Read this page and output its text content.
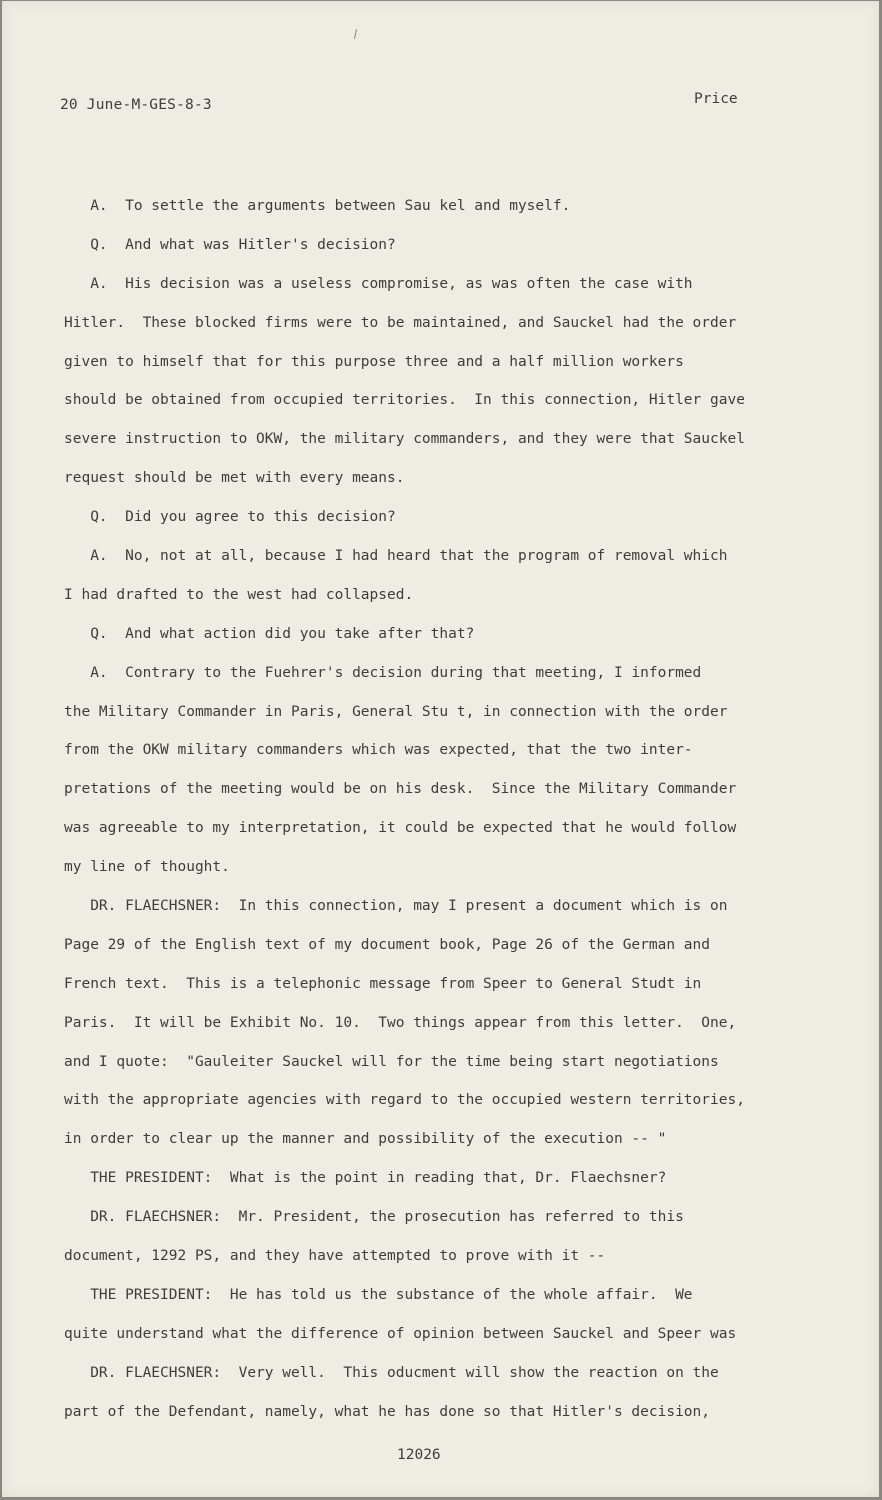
20 June-M-GES-8-3	Price
A.  To settle the arguments between Sau kel and myself.
Q.  And what was Hitler's decision?
A.  His decision was a useless compromise, as was often the case with
Hitler.  These blocked firms were to be maintained, and Sauckel had the order
given to himself that for this purpose three and a half million workers
should be obtained from occupied territories.  In this connection, Hitler gave
severe instruction to OKW, the military commanders, and they were that Sauckel
request should be met with every means.
Q.  Did you agree to this decision?
A.  No, not at all, because I had heard that the program of removal which
I had drafted to the west had collapsed.
Q.  And what action did you take after that?
A.  Contrary to the Fuehrer's decision during that meeting, I informed
the Military Commander in Paris, General Stu t, in connection with the order
from the OKW military commanders which was expected, that the two inter-
pretations of the meeting would be on his desk.  Since the Military Commander
was agreeable to my interpretation, it could be expected that he would follow
my line of thought.
DR. FLAECHSNER:  In this connection, may I present a document which is on
Page 29 of the English text of my document book, Page 26 of the German and
French text.  This is a telephonic message from Speer to General Studt in
Paris.  It will be Exhibit No. 10.  Two things appear from this letter.  One,
and I quote:  "Gauleiter Sauckel will for the time being start negotiations
with the appropriate agencies with regard to the occupied western territories,
in order to clear up the manner and possibility of the execution -- "
THE PRESIDENT:  What is the point in reading that, Dr. Flaechsner?
DR. FLAECHSNER:  Mr. President, the prosecution has referred to this
document, 1292 PS, and they have attempted to prove with it --
THE PRESIDENT:  He has told us the substance of the whole affair.  We
quite understand what the difference of opinion between Sauckel and Speer was
DR. FLAECHSNER:  Very well.  This oducment will show the reaction on the
part of the Defendant, namely, what he has done so that Hitler's decision,
12026
